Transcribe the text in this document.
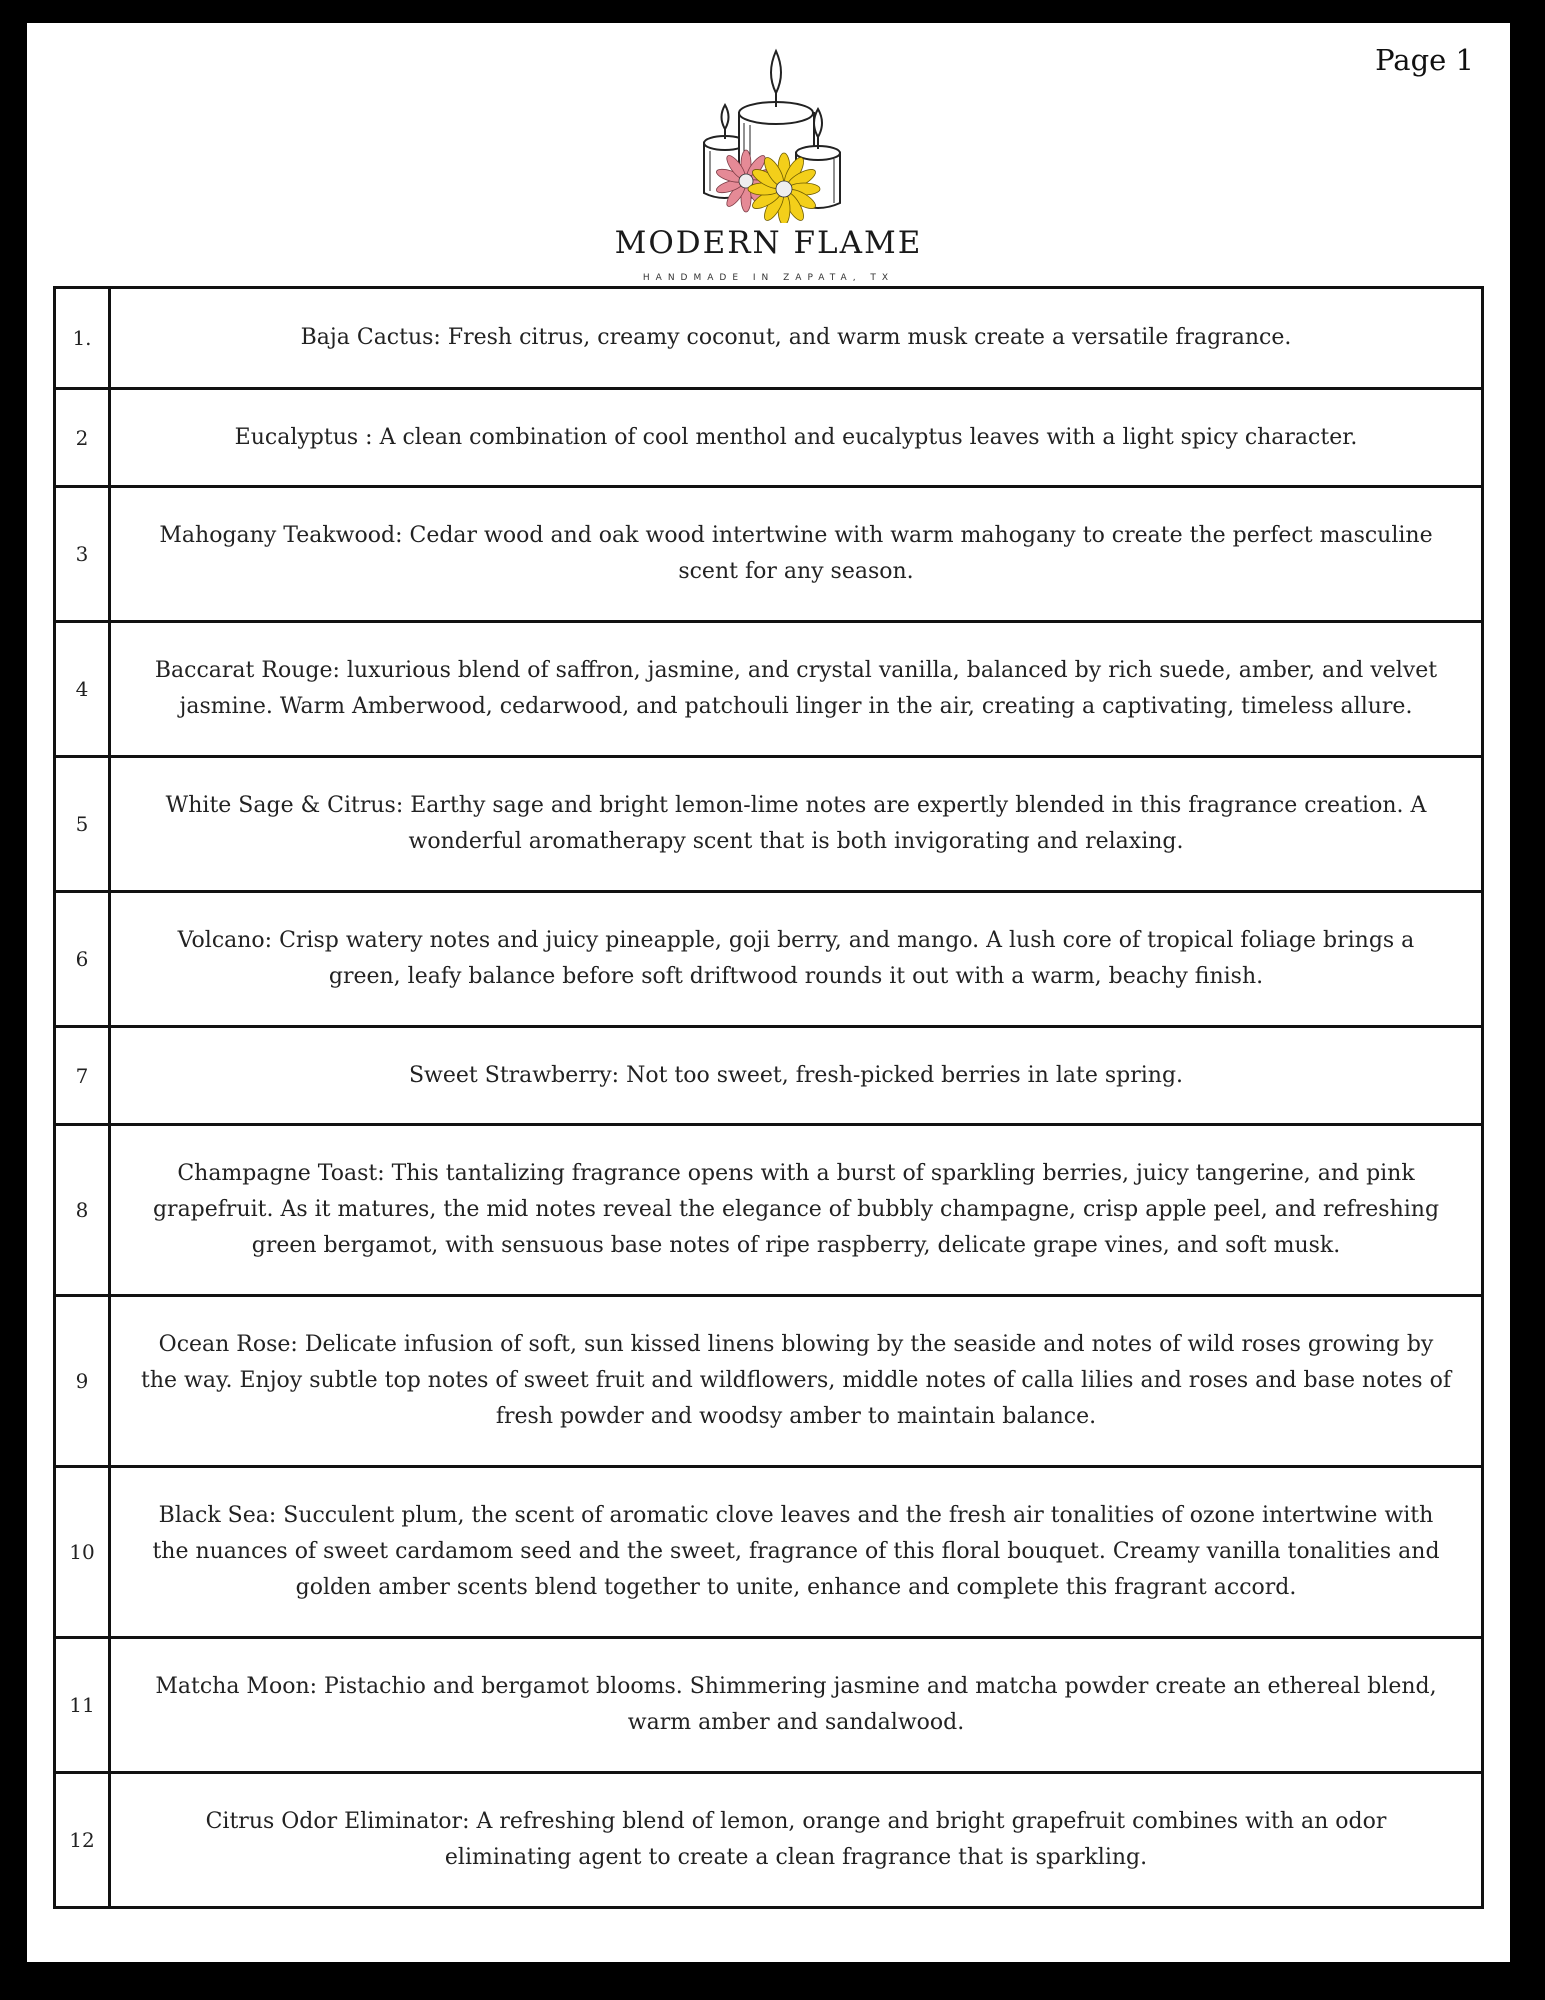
Page 1
MODERN FLAME
HANDMADE IN ZAPATA, TX
1.	Baja Cactus: Fresh citrus, creamy coconut, and warm musk create a versatile fragrance.
2	Eucalyptus : A clean combination of cool menthol and eucalyptus leaves with a light spicy character.
3	Mahogany Teakwood: Cedar wood and oak wood intertwine with warm mahogany to create the perfect masculine scent for any season.
4	Baccarat Rouge: luxurious blend of saffron, jasmine, and crystal vanilla, balanced by rich suede, amber, and velvet jasmine. Warm Amberwood, cedarwood, and patchouli linger in the air, creating a captivating, timeless allure.
5	White Sage & Citrus: Earthy sage and bright lemon-lime notes are expertly blended in this fragrance creation. A wonderful aromatherapy scent that is both invigorating and relaxing.
6	Volcano: Crisp watery notes and juicy pineapple, goji berry, and mango. A lush core of tropical foliage brings a green, leafy balance before soft driftwood rounds it out with a warm, beachy finish.
7	Sweet Strawberry: Not too sweet, fresh-picked berries in late spring.
8	Champagne Toast: This tantalizing fragrance opens with a burst of sparkling berries, juicy tangerine, and pink grapefruit. As it matures, the mid notes reveal the elegance of bubbly champagne, crisp apple peel, and refreshing green bergamot, with sensuous base notes of ripe raspberry, delicate grape vines, and soft musk.
9	Ocean Rose: Delicate infusion of soft, sun kissed linens blowing by the seaside and notes of wild roses growing by the way. Enjoy subtle top notes of sweet fruit and wildflowers, middle notes of calla lilies and roses and base notes of fresh powder and woodsy amber to maintain balance.
10	Black Sea: Succulent plum, the scent of aromatic clove leaves and the fresh air tonalities of ozone intertwine with the nuances of sweet cardamom seed and the sweet, fragrance of this floral bouquet. Creamy vanilla tonalities and golden amber scents blend together to unite, enhance and complete this fragrant accord.
11	Matcha Moon: Pistachio and bergamot blooms. Shimmering jasmine and matcha powder create an ethereal blend, warm amber and sandalwood.
12	Citrus Odor Eliminator: A refreshing blend of lemon, orange and bright grapefruit combines with an odor eliminating agent to create a clean fragrance that is sparkling.
